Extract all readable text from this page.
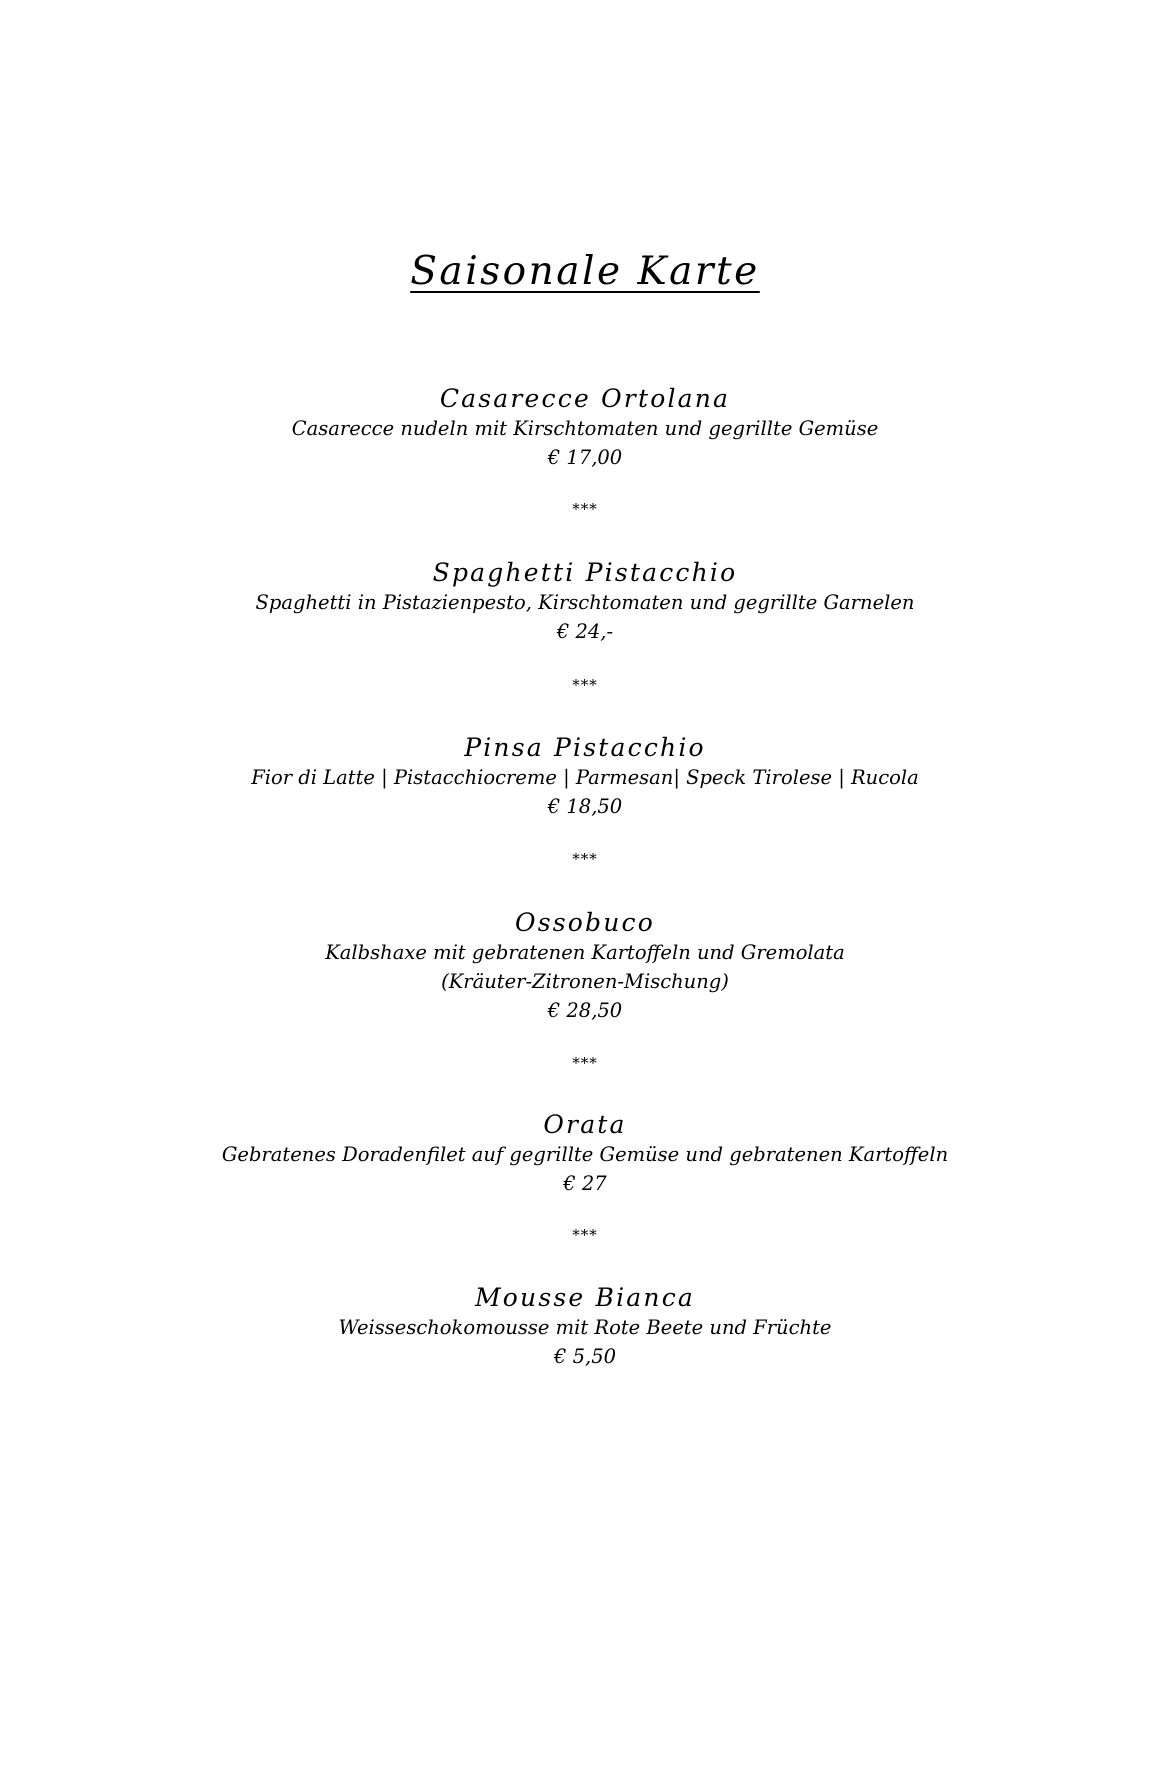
Saisonale Karte
Casarecce Ortolana
Casarecce nudeln mit Kirschtomaten und gegrillte Gemüse
€ 17,00
***
Spaghetti Pistacchio
Spaghetti in Pistazienpesto, Kirschtomaten und gegrillte Garnelen
€ 24,-
***
Pinsa Pistacchio
Fior di Latte | Pistacchiocreme | Parmesan| Speck Tirolese | Rucola
€ 18,50
***
Ossobuco
Kalbshaxe mit gebratenen Kartoffeln und Gremolata
(Kräuter-Zitronen-Mischung)
€ 28,50
***
Orata
Gebratenes Doradenfilet auf gegrillte Gemüse und gebratenen Kartoffeln
€ 27
***
Mousse Bianca
Weisseschokomousse mit Rote Beete und Früchte
€ 5,50
